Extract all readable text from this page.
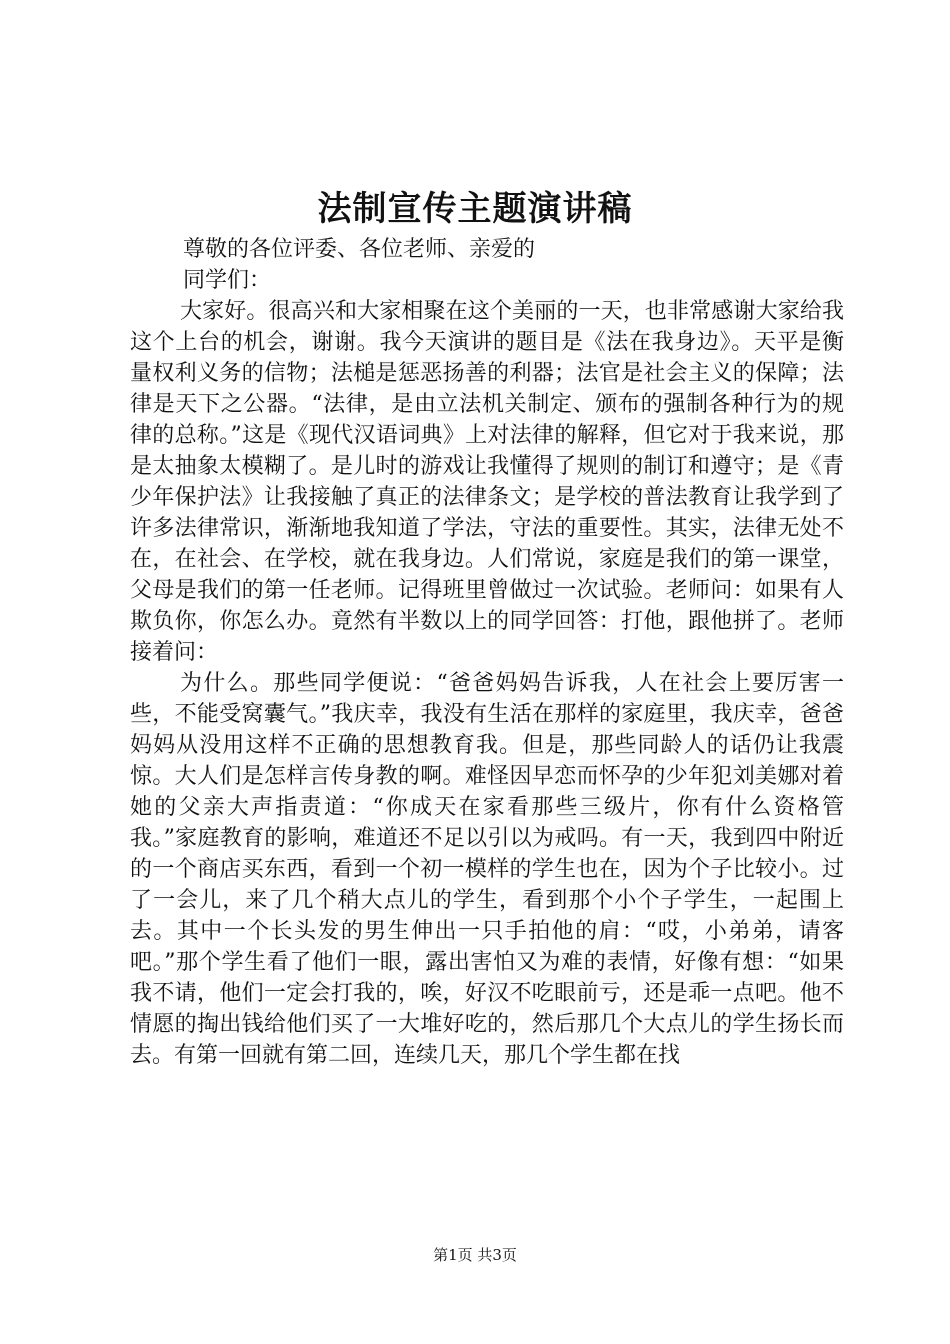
法制宣传主题演讲稿
尊敬的各位评委、各位老师、亲爱的
同学们：

大家好。很高兴和大家相聚在这个美丽的一天，也非常感谢大家给我这个上台的机会，谢谢。我今天演讲的题目是《法在我身边》。天平是衡量权利义务的信物；法槌是惩恶扬善的利器；法官是社会主义的保障；法律是天下之公器。“法律，是由立法机关制定、颁布的强制各种行为的规律的总称。”这是《现代汉语词典》上对法律的解释，但它对于我来说，那是太抽象太模糊了。是儿时的游戏让我懂得了规则的制订和遵守；是《青少年保护法》让我接触了真正的法律条文；是学校的普法教育让我学到了许多法律常识，渐渐地我知道了学法，守法的重要性。其实，法律无处不在，在社会、在学校，就在我身边。人们常说，家庭是我们的第一课堂，父母是我们的第一任老师。记得班里曾做过一次试验。老师问：如果有人欺负你，你怎么办。竟然有半数以上的同学回答：打他，跟他拼了。老师接着问：

为什么。那些同学便说：“爸爸妈妈告诉我，人在社会上要厉害一些，不能受窝囊气。”我庆幸，我没有生活在那样的家庭里，我庆幸，爸爸妈妈从没用这样不正确的思想教育我。但是，那些同龄人的话仍让我震惊。大人们是怎样言传身教的啊。难怪因早恋而怀孕的少年犯刘美娜对着她的父亲大声指责道：“你成天在家看那些三级片，你有什么资格管我。”家庭教育的影响，难道还不足以引以为戒吗。有一天，我到四中附近的一个商店买东西，看到一个初一模样的学生也在，因为个子比较小。过了一会儿，来了几个稍大点儿的学生，看到那个小个子学生，一起围上去。其中一个长头发的男生伸出一只手拍他的肩：“哎，小弟弟，请客吧。”那个学生看了他们一眼，露出害怕又为难的表情，好像有想：“如果我不请，他们一定会打我的，唉，好汉不吃眼前亏，还是乖一点吧。他不情愿的掏出钱给他们买了一大堆好吃的，然后那几个大点儿的学生扬长而去。有第一回就有第二回，连续几天，那几个学生都在找

第1页 共3页
